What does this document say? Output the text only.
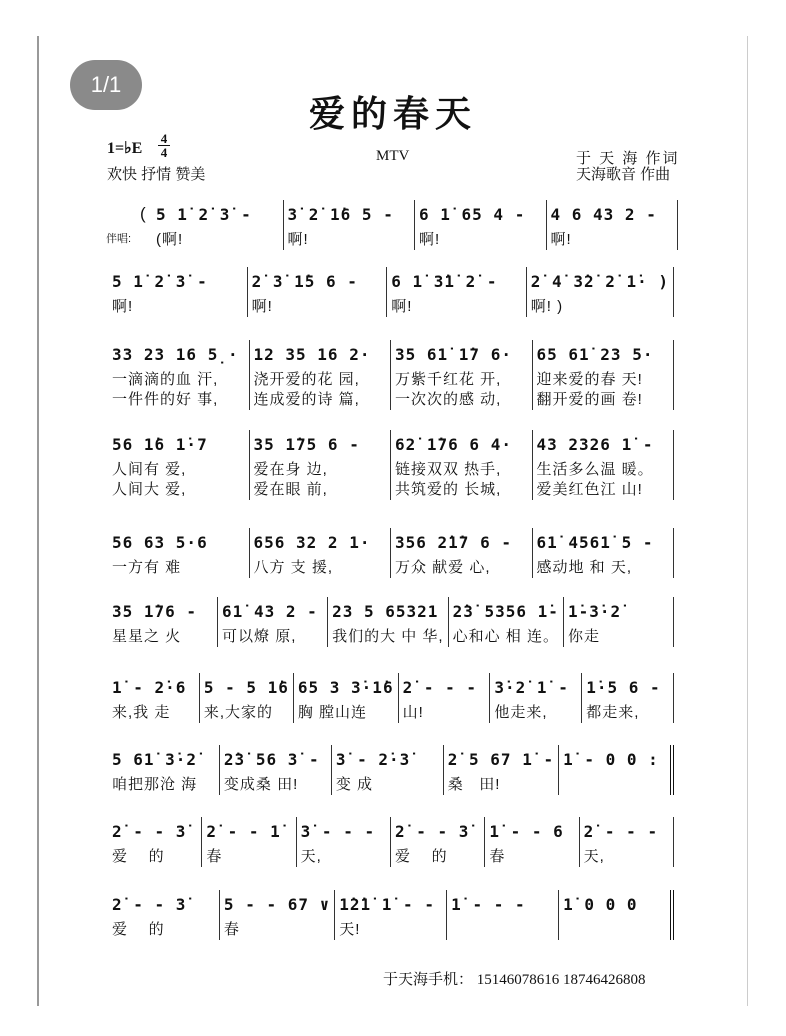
1/1
爱的春天
1=♭E
4
4
欢快 抒情 赞美
MTV	于 天 海 作词
天海歌音 作曲
5 1̇ 2̇ 3̇ -
(啊!
3̇ 2̇ 1̇6 5 -
啊!
6 1̇ 65 4 -
啊!
4 6 43 2 -
啊!
5 1̇ 2̇ 3̇ -
啊!
2̇ 3̇ 1̇5 6 -
啊!
6 1̇ 3̇1̇ 2̇ -
啊!
2̇ 4̇ 3̇2̇ 2̇ 1̇· )
啊! )
33 23 16 5̣·
一滴滴的血 汗,
一件件的好 事,
12 35 16 2·
浇开爱的花 园,
连成爱的诗 篇,
35 61̇ 1̇7 6·
万紫千红花 开,
一次次的感 动,
65 61̇ 23 5·
迎来爱的春 天!
翻开爱的画 卷!
56 1̇6 1̇·7
人间有 爱,
人间大 爱,
35 1̇75 6 -
爱在身 边,
爱在眼 前,
62̇ 1̇76 6 4·
链接双双 热手,
共筑爱的 长城,
43 2326 1̇ -
生活多么温 暖。
爱美红色江 山!
56 63 5·6
一方有 难
656 32 2 1·
八方 支 援,
356 2̇1̇7 6 -
万众 献爱 心,
61̇ 4561̇ 5 -
感动地 和 天,
35 1̇76 -
星星之 火
61̇ 43 2 -
可以燎 原,
23 5 65321
我们的大 中 华,
2̇3̇ 5356 1̇-
心和心 相 连。
1̇-3̇·2̇
你走
1̇ - 2̇·6
来,我 走
5 - 5 1̇6
来,大家的
65 3 3̇·1̇6
胸 膛山连
2̇ - - -
山!
3̇·2̇ 1̇ -
他走来,
1̇·5 6 -
都走来,
5 61̇ 3̇·2̇
咱把那沧 海
2̇3̇ 56 3̇ -
变成桑 田!
3̇ - 2̇·3̇
变 成
2̇ 5 67 1̇ -
桑   田!
1̇ - 0 0 :
2̇ - - 3̇
爱    的
2̇ - - 1̇
春
3̇ - - -
天,
2̇ - - 3̇
爱    的
1̇ - - 6
春
2̇ - - -
天,
2̇ - - 3̇
爱    的
5 - - 67 ∨
春
1̇2̇1̇ 1̇ - -
天!
1̇ - - -	1̇ 0 0 0
于天海手机： 15146078616 18746426808
(
伴唱:
